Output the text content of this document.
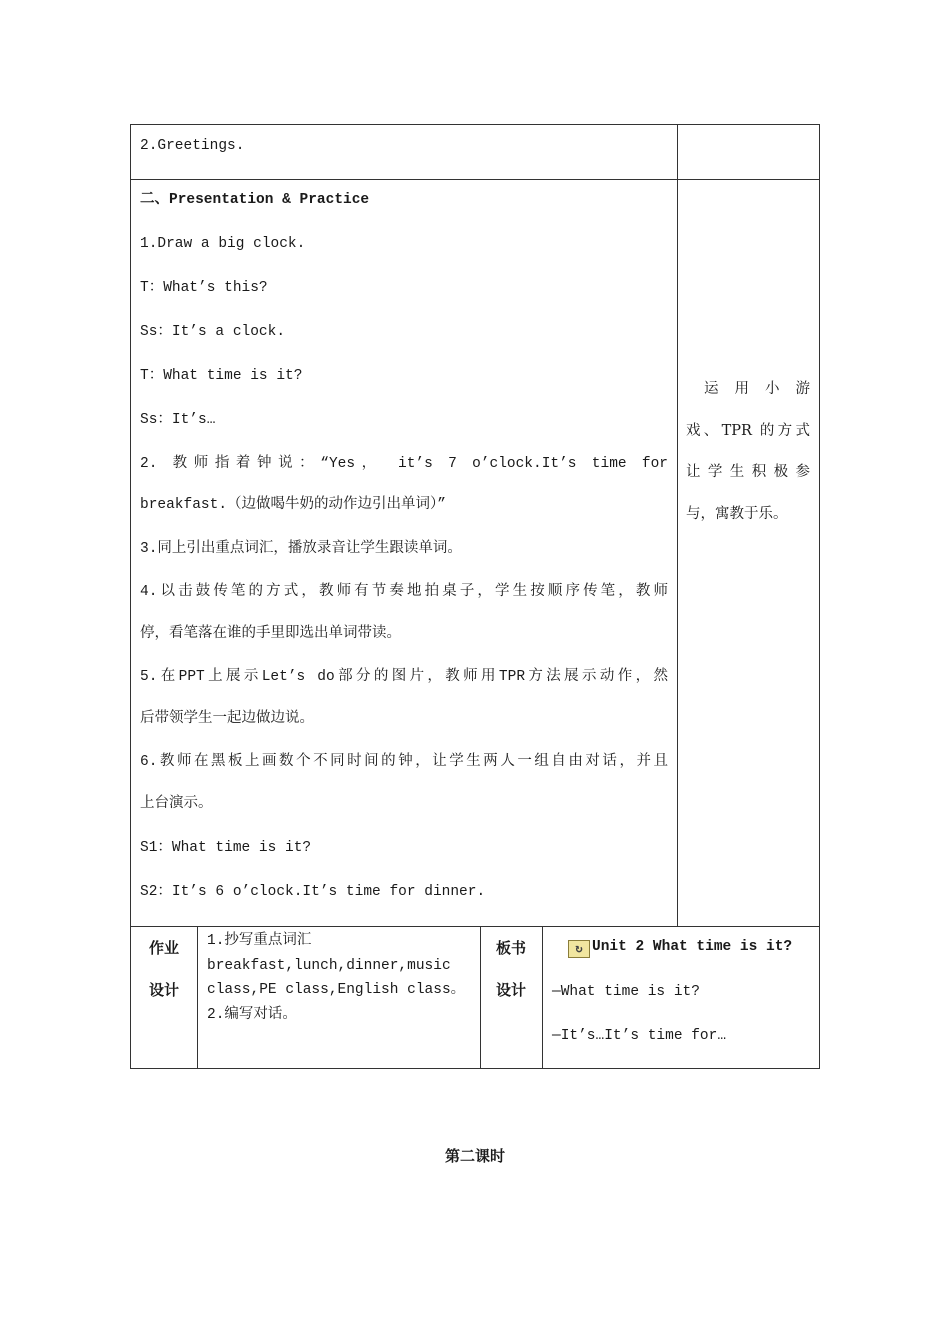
2.Greetings.
二、Presentation & Practice
1.Draw a big clock.
T：What’s this?
Ss：It’s a clock.
T：What time is it?
Ss：It’s…
2. 教师指着钟说：“Yes， it’s 7 o’clock.It’s time for
breakfast.（边做喝牛奶的动作边引出单词）”
3.同上引出重点词汇，播放录音让学生跟读单词。
4.以击鼓传笔的方式，教师有节奏地拍桌子，学生按顺序传笔，教师
停，看笔落在谁的手里即选出单词带读。
5.在PPT上展示Let’s do部分的图片，教师用TPR方法展示动作，然
后带领学生一起边做边说。
6.教师在黑板上画数个不同时间的钟，让学生两人一组自由对话，并且
上台演示。
S1：What time is it?
S2：It’s 6 o’clock.It’s time for dinner.
运 用 小 游
戏、TPR 的方式
让 学 生 积 极 参
与，寓教于乐。
作业
设计
1.抄写重点词汇breakfast,lunch,dinner,music class,PE class,English class。2.编写对话。
板书
设计
↻ Unit 2 What time is it?
—What time is it?
—It’s…It’s time for…
第二课时
